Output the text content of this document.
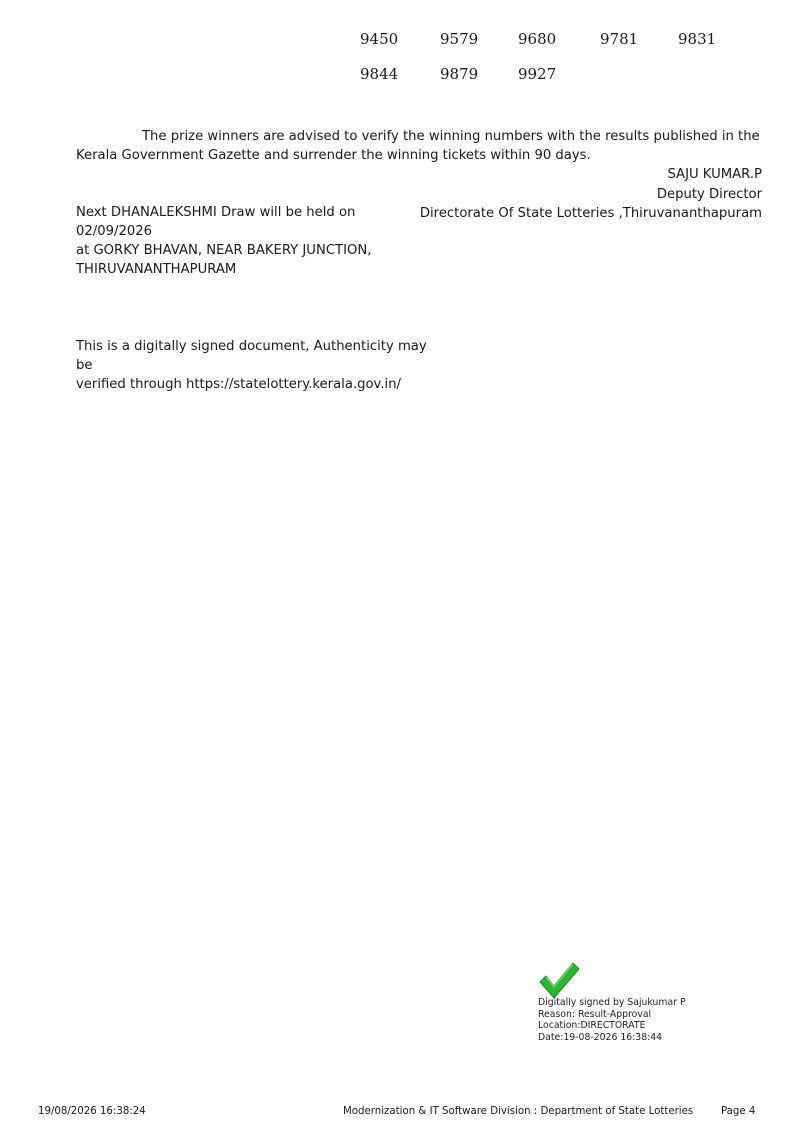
9450	9579	9680	9781	9831
9844	9879	9927

The prize winners are advised to verify the winning numbers with the results published in the Kerala Government Gazette and surrender the winning tickets within 90 days.

SAJU KUMAR.P
Deputy Director
Directorate Of State Lotteries ,Thiruvananthapuram
Next DHANALEKSHMI Draw will be held on 02/09/2026
at GORKY BHAVAN, NEAR BAKERY JUNCTION,
THIRUVANANTHAPURAM
This is a digitally signed document, Authenticity may be
verified through https://statelottery.kerala.gov.in/
Digitally signed by Sajukumar P
Reason: Result-Approval
Location:DIRECTORATE
Date:19-08-2026 16:38:44
19/08/2026 16:38:24	Modernization & IT Software Division : Department of State Lotteries	Page 4
